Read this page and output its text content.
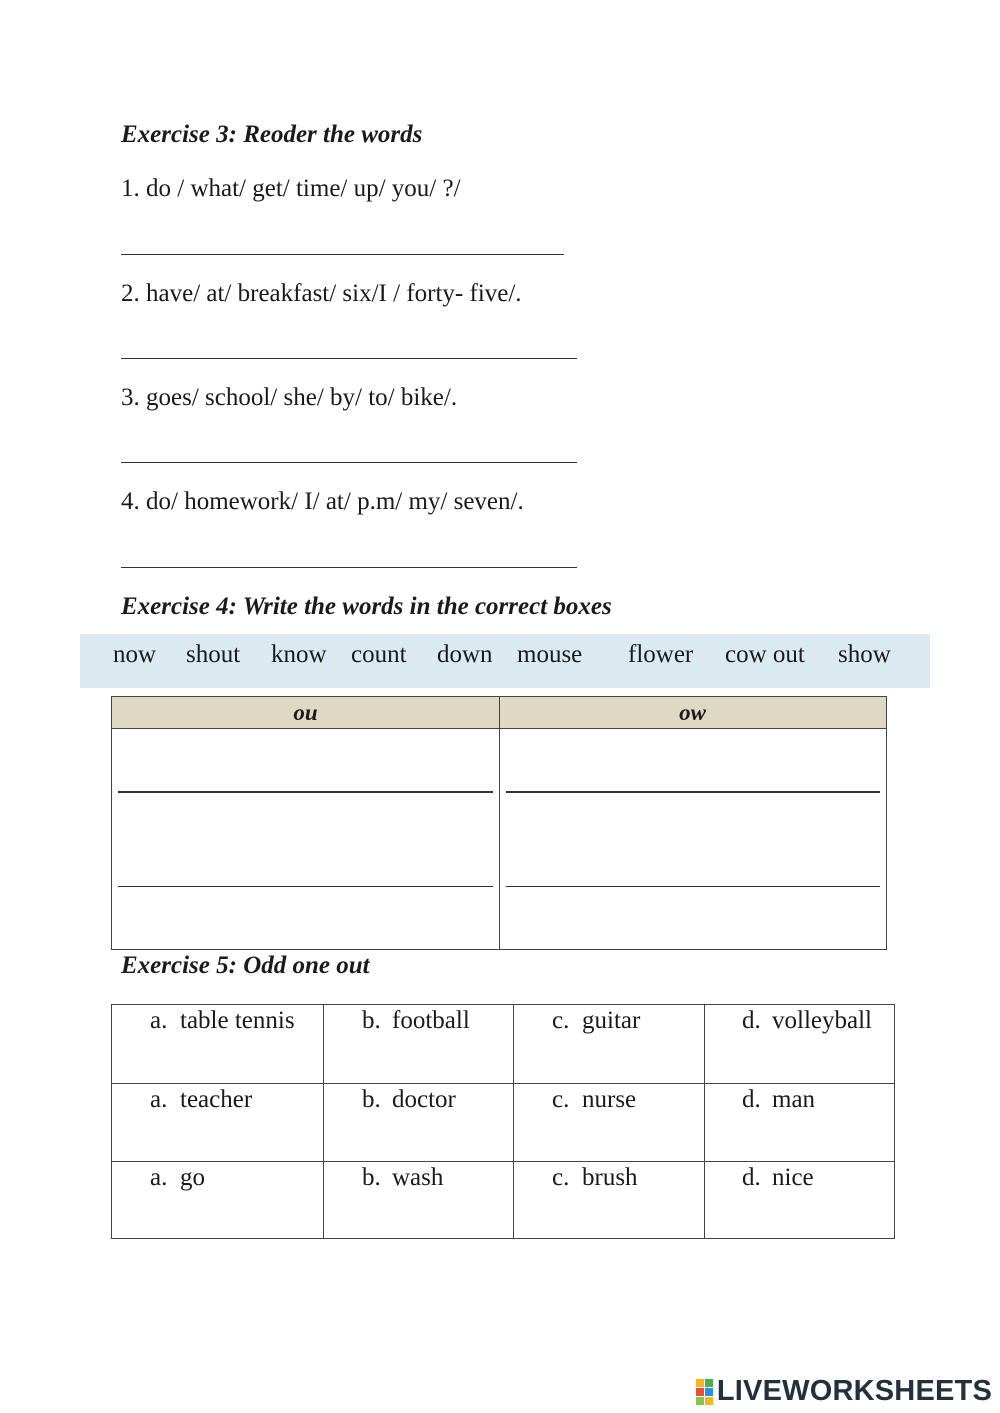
Exercise 3: Reoder the words
1. do / what/ get/ time/ up/ you/ ?/
2. have/ at/ breakfast/ six/I / forty- five/.
3. goes/ school/ she/ by/ to/ bike/.
4. do/ homework/ I/ at/ p.m/ my/ seven/.
Exercise 4: Write the words in the correct boxes
now shout know count down mouse flower cow out show
ou	ow
Exercise 5: Odd one out
a. table tennis	b. football	c. guitar	d. volleyball
a. teacher	b. doctor	c. nurse	d. man
a. go	b. wash	c. brush	d. nice
LIVEWORKSHEETS
